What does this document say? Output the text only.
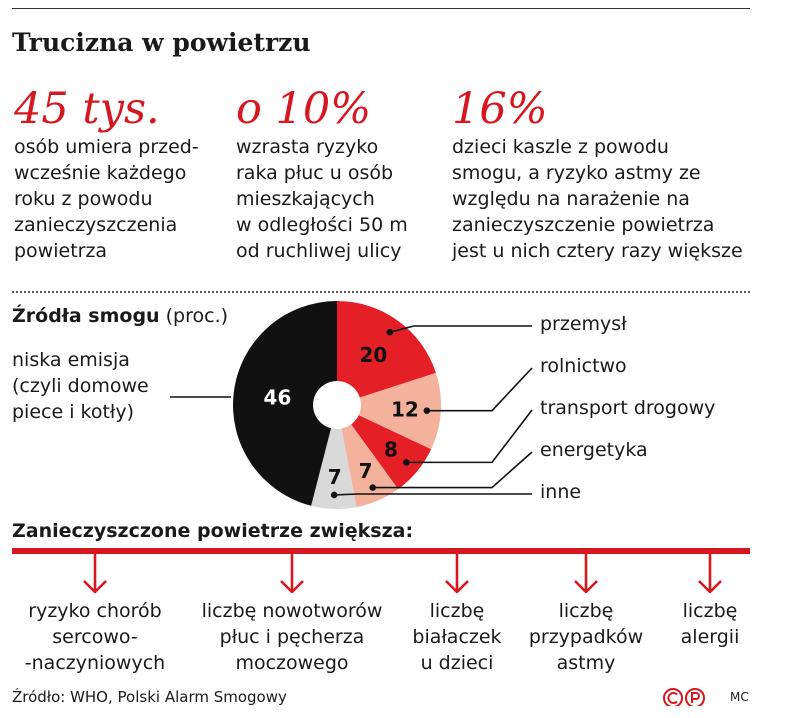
Trucizna w powietrzu
45 tys.
osób umiera przed-
wcześnie każdego
roku z powodu
zanieczyszczenia
powietrza
o 10%
wzrasta ryzyko
raka płuc u osób
mieszkających
w odległości 50 m
od ruchliwej ulicy
16%
dzieci kaszle z powodu
smogu, a ryzyko astmy ze
względu na narażenie na
zanieczyszczenie powietrza
jest u nich cztery razy większe
Źródła smogu (proc.)
niska emisja
(czyli domowe
piece i kotły)
20
12
8
7
7
46
przemysł
rolnictwo
transport drogowy
energetyka
inne
Zanieczyszczone powietrze zwiększa:
ryzyko chorób
sercowo-
-naczyniowych
liczbę nowotworów
płuc i pęcherza
moczowego
liczbę
białaczek
u dzieci
liczbę
przypadków
astmy
liczbę
alergii
Źródło: WHO, Polski Alarm Smogowy	MC
